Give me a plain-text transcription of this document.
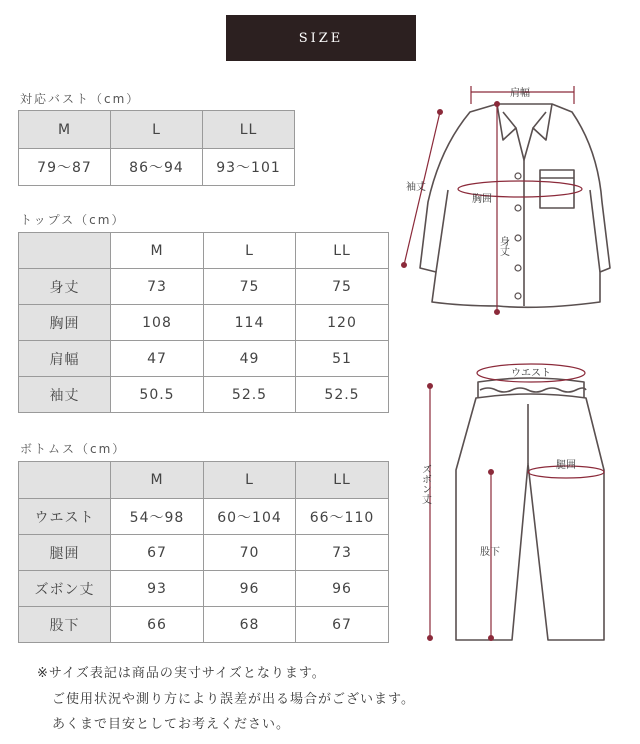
SIZE
対応バスト（cm）
M	L	LL
79〜87	86〜94	93〜101
トップス（cm）
	M	L	LL
身丈	73	75	75
胸囲	108	114	120
肩幅	47	49	51
袖丈	50.5	52.5	52.5
ボトムス（cm）
	M	L	LL
ウエスト	54〜98	60〜104	66〜110
腿囲	67	70	73
ズボン丈	93	96	96
股下	66	68	67
肩幅
袖丈
胸囲
身丈
ウエスト
腿囲
ズボン丈
股下
※サイズ表記は商品の実寸サイズとなります。
ご使用状況や測り方により誤差が出る場合がございます。
あくまで目安としてお考えください。
